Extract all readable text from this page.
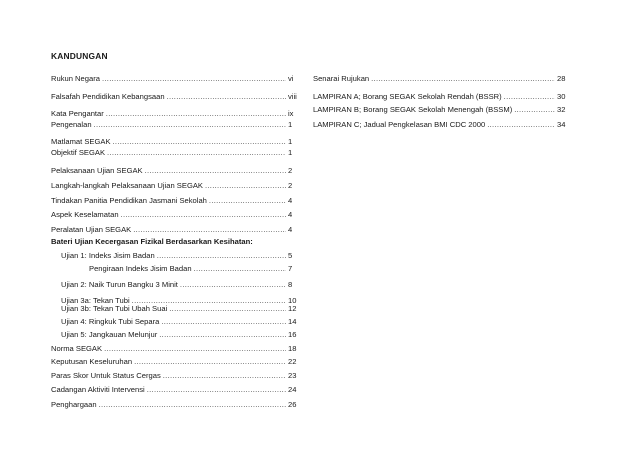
KANDUNGAN
Rukun Negara .....	vi
Falsafah Pendidikan Kebangsaan .....	viii
Kata Pengantar .....	ix
Pengenalan .....	1
Matlamat SEGAK .....	1
Objektif SEGAK .....	1
Pelaksanaan Ujian SEGAK .....	2
Langkah-langkah Pelaksanaan Ujian SEGAK .....	2
Tindakan Panitia Pendidikan Jasmani Sekolah .....	4
Aspek Keselamatan .....	4
Peralatan Ujian SEGAK .....	4
Bateri Ujian Kecergasan Fizikal Berdasarkan Kesihatan:
Ujian 1: Indeks Jisim Badan .....	5
Pengiraan Indeks Jisim Badan .....	7
Ujian 2: Naik Turun Bangku 3 Minit .....	8
Ujian 3a: Tekan Tubi .....	10
Ujian 3b: Tekan Tubi Ubah Suai .....	12
Ujian 4: Ringkuk Tubi Separa .....	14
Ujian 5: Jangkauan Melunjur .....	16
Norma SEGAK .....	18
Keputusan Keseluruhan .....	22
Paras Skor Untuk Status Cergas .....	23
Cadangan Aktiviti Intervensi .....	24
Penghargaan .....	26
Senarai Rujukan .....	28
LAMPIRAN A; Borang SEGAK Sekolah Rendah (BSSR) .....	30
LAMPIRAN B; Borang SEGAK Sekolah Menengah (BSSM) .....	32
LAMPIRAN C; Jadual Pengkelasan BMI CDC 2000 .....	34
